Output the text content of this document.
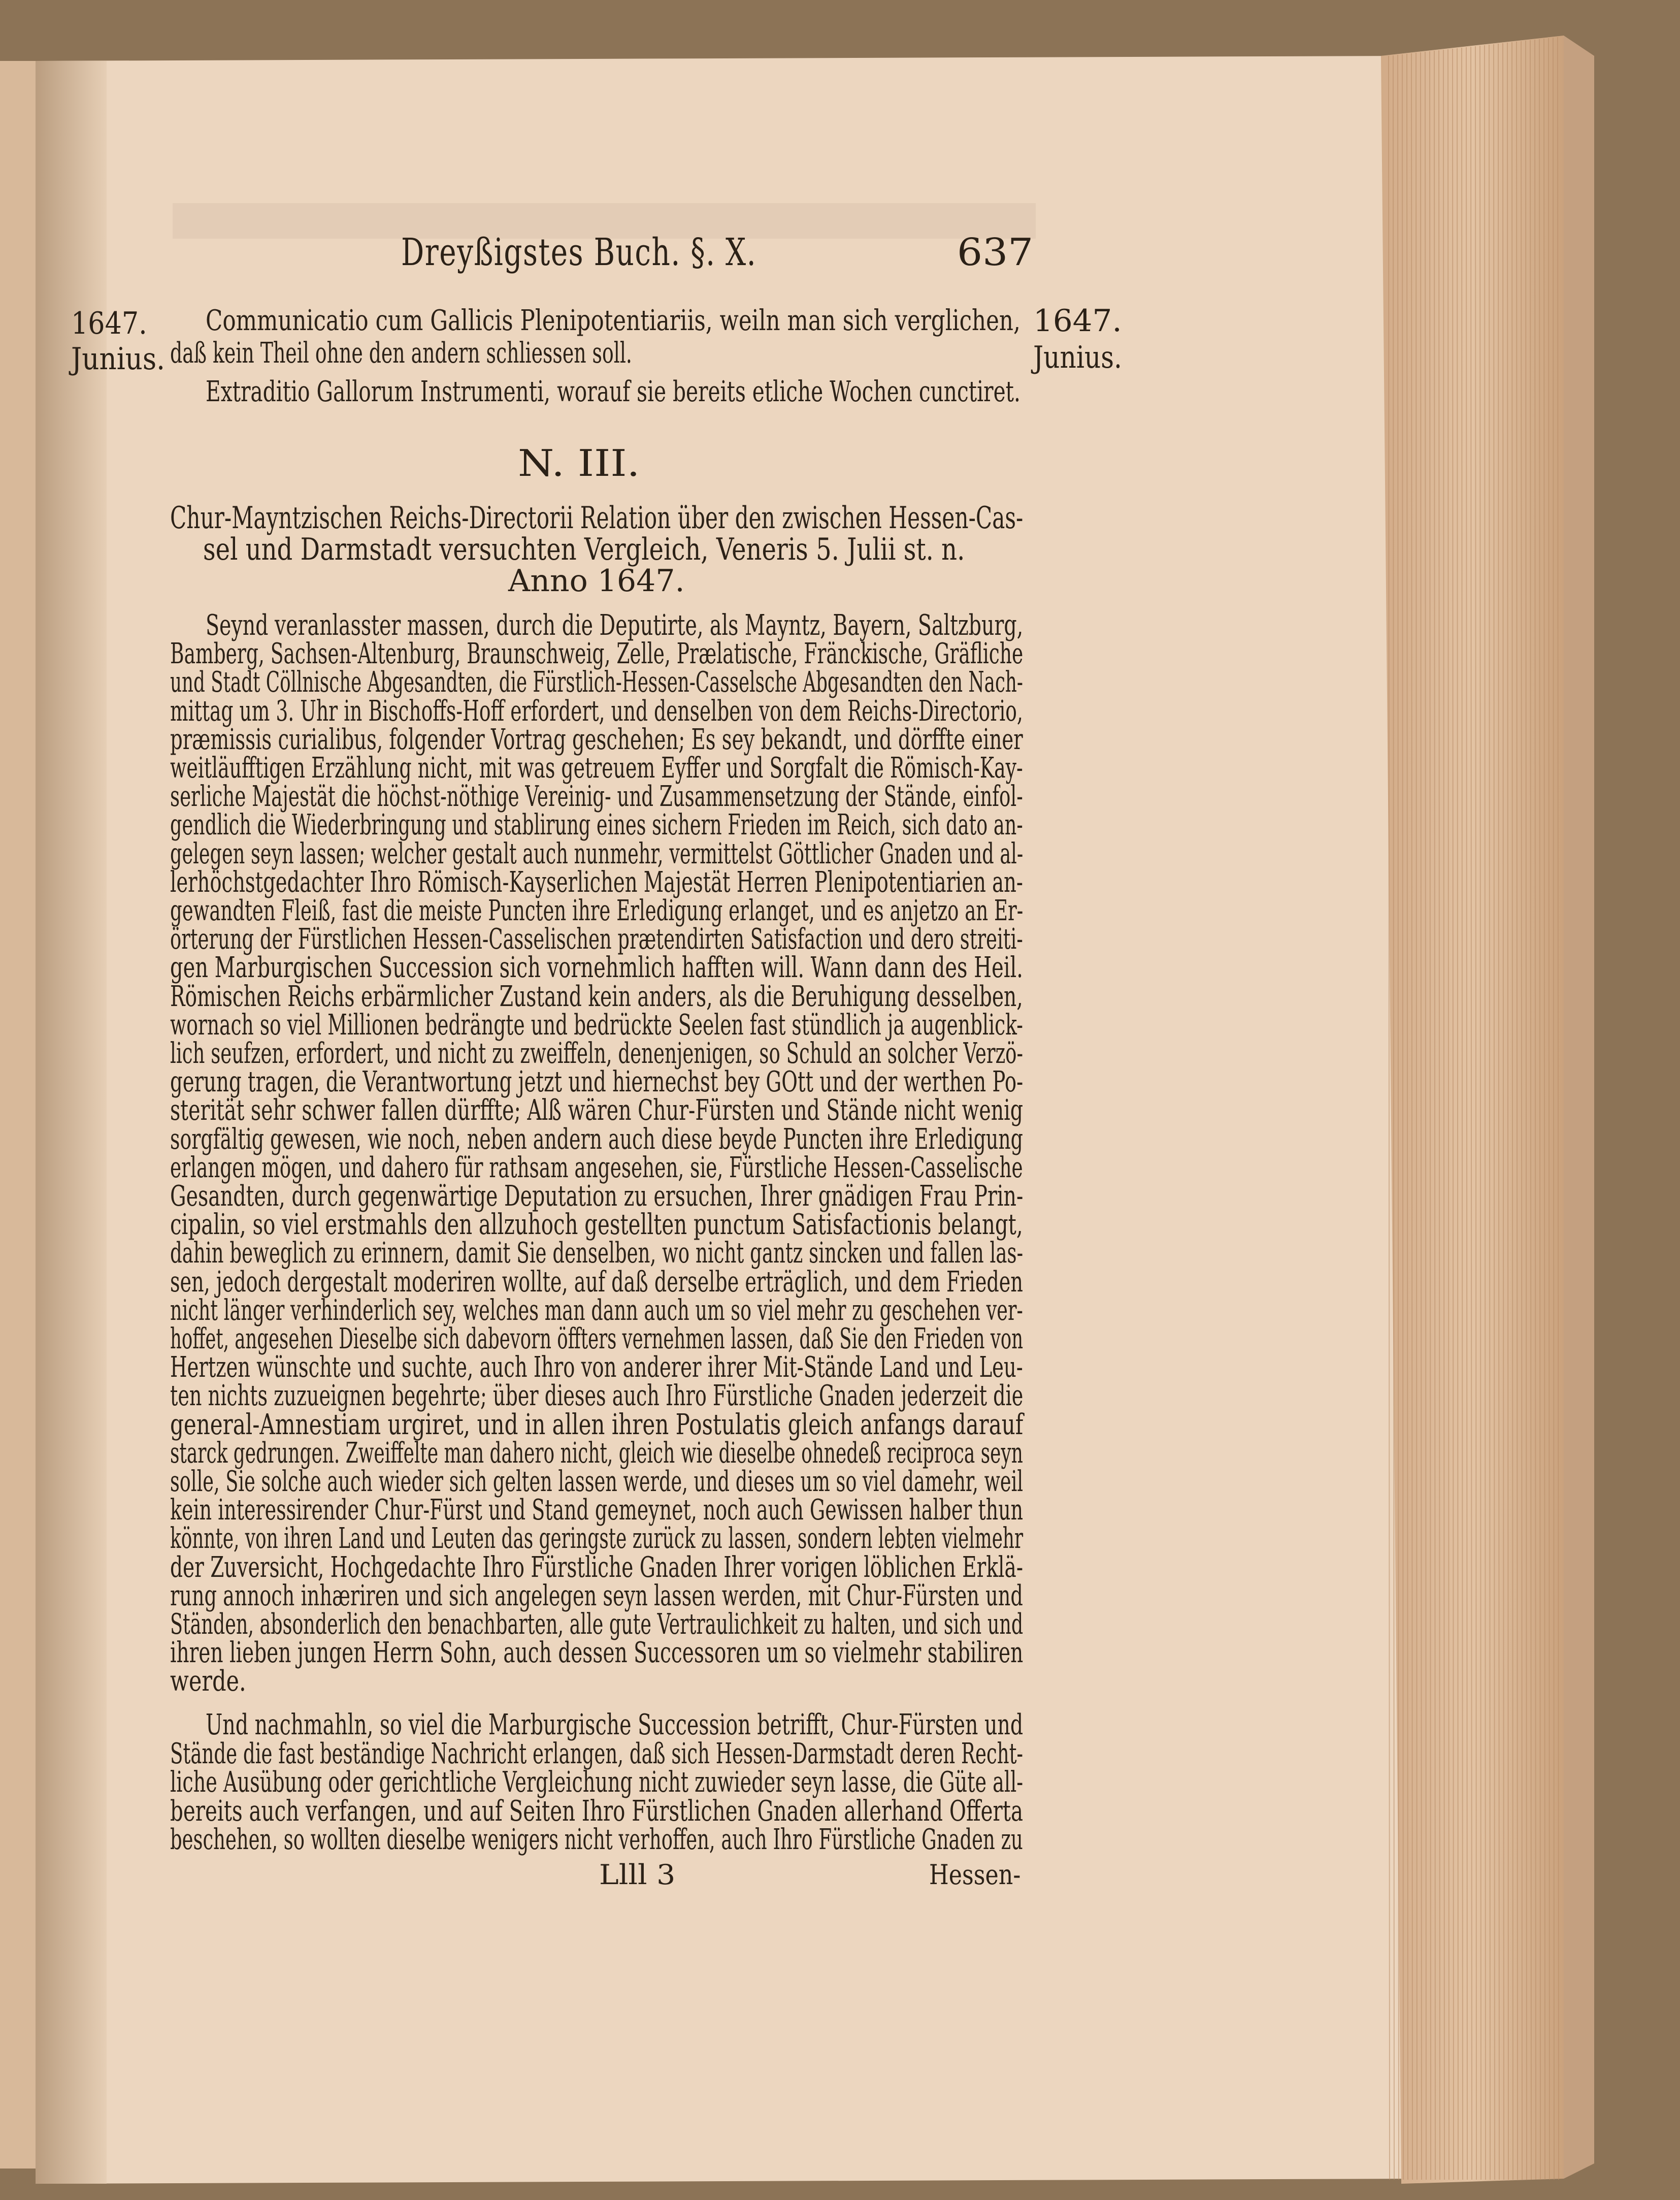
Dreyßigstes Buch. §. X.	637
1647.
Junius.
1647.
Junius.
Communicatio cum Gallicis Plenipotentiariis, weiln man sich verglichen,
daß kein Theil ohne den andern schliessen soll.
Extraditio Gallorum Instrumenti, worauf sie bereits etliche Wochen cunctiret.
N. III.
Chur-Mayntzischen Reichs-Directorii Relation über den zwischen Hessen-Cas-
sel und Darmstadt versuchten Vergleich, Veneris 5. Julii st. n.
Anno 1647.
Seynd veranlasster massen, durch die Deputirte, als Mayntz, Bayern, Saltzburg,
Bamberg, Sachsen-Altenburg, Braunschweig, Zelle, Prælatische, Fränckische, Gräfliche
und Stadt Cöllnische Abgesandten, die Fürstlich-Hessen-Casselsche Abgesandten den Nach-
mittag um 3. Uhr in Bischoffs-Hoff erfordert, und denselben von dem Reichs-Directorio,
præmissis curialibus, folgender Vortrag geschehen; Es sey bekandt, und dörffte einer
weitläufftigen Erzählung nicht, mit was getreuem Eyffer und Sorgfalt die Römisch-Kay-
serliche Majestät die höchst-nöthige Vereinig- und Zusammensetzung der Stände, einfol-
gendlich die Wiederbringung und stablirung eines sichern Frieden im Reich, sich dato an-
gelegen seyn lassen; welcher gestalt auch nunmehr, vermittelst Göttlicher Gnaden und al-
lerhöchstgedachter Ihro Römisch-Kayserlichen Majestät Herren Plenipotentiarien an-
gewandten Fleiß, fast die meiste Puncten ihre Erledigung erlanget, und es anjetzo an Er-
örterung der Fürstlichen Hessen-Casselischen prætendirten Satisfaction und dero streiti-
gen Marburgischen Succession sich vornehmlich hafften will. Wann dann des Heil.
Römischen Reichs erbärmlicher Zustand kein anders, als die Beruhigung desselben,
wornach so viel Millionen bedrängte und bedrückte Seelen fast stündlich ja augenblick-
lich seufzen, erfordert, und nicht zu zweiffeln, denenjenigen, so Schuld an solcher Verzö-
gerung tragen, die Verantwortung jetzt und hiernechst bey GOtt und der werthen Po-
sterität sehr schwer fallen dürffte; Alß wären Chur-Fürsten und Stände nicht wenig
sorgfältig gewesen, wie noch, neben andern auch diese beyde Puncten ihre Erledigung
erlangen mögen, und dahero für rathsam angesehen, sie, Fürstliche Hessen-Casselische
Gesandten, durch gegenwärtige Deputation zu ersuchen, Ihrer gnädigen Frau Prin-
cipalin, so viel erstmahls den allzuhoch gestellten punctum Satisfactionis belangt,
dahin beweglich zu erinnern, damit Sie denselben, wo nicht gantz sincken und fallen las-
sen, jedoch dergestalt moderiren wollte, auf daß derselbe erträglich, und dem Frieden
nicht länger verhinderlich sey, welches man dann auch um so viel mehr zu geschehen ver-
hoffet, angesehen Dieselbe sich dabevorn öffters vernehmen lassen, daß Sie den Frieden von
Hertzen wünschte und suchte, auch Ihro von anderer ihrer Mit-Stände Land und Leu-
ten nichts zuzueignen begehrte; über dieses auch Ihro Fürstliche Gnaden jederzeit die
general-Amnestiam urgiret, und in allen ihren Postulatis gleich anfangs darauf
starck gedrungen. Zweiffelte man dahero nicht, gleich wie dieselbe ohnedeß reciproca seyn
solle, Sie solche auch wieder sich gelten lassen werde, und dieses um so viel damehr, weil
kein interessirender Chur-Fürst und Stand gemeynet, noch auch Gewissen halber thun
könnte, von ihren Land und Leuten das geringste zurück zu lassen, sondern lebten vielmehr
der Zuversicht, Hochgedachte Ihro Fürstliche Gnaden Ihrer vorigen löblichen Erklä-
rung annoch inhæriren und sich angelegen seyn lassen werden, mit Chur-Fürsten und
Ständen, absonderlich den benachbarten, alle gute Vertraulichkeit zu halten, und sich und
ihren lieben jungen Herrn Sohn, auch dessen Successoren um so vielmehr stabiliren
werde.
Und nachmahln, so viel die Marburgische Succession betrifft, Chur-Fürsten und
Stände die fast beständige Nachricht erlangen, daß sich Hessen-Darmstadt deren Recht-
liche Ausübung oder gerichtliche Vergleichung nicht zuwieder seyn lasse, die Güte all-
bereits auch verfangen, und auf Seiten Ihro Fürstlichen Gnaden allerhand Offerta
beschehen, so wollten dieselbe wenigers nicht verhoffen, auch Ihro Fürstliche Gnaden zu
Llll 3	Hessen-
